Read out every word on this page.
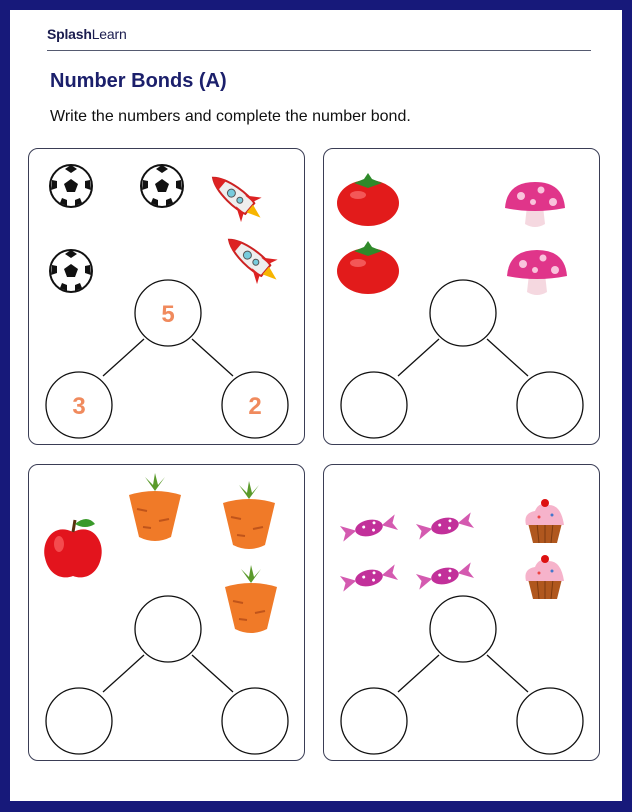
SplashLearn
Number Bonds (A)
Write the numbers and complete the number bond.
5
3	2
